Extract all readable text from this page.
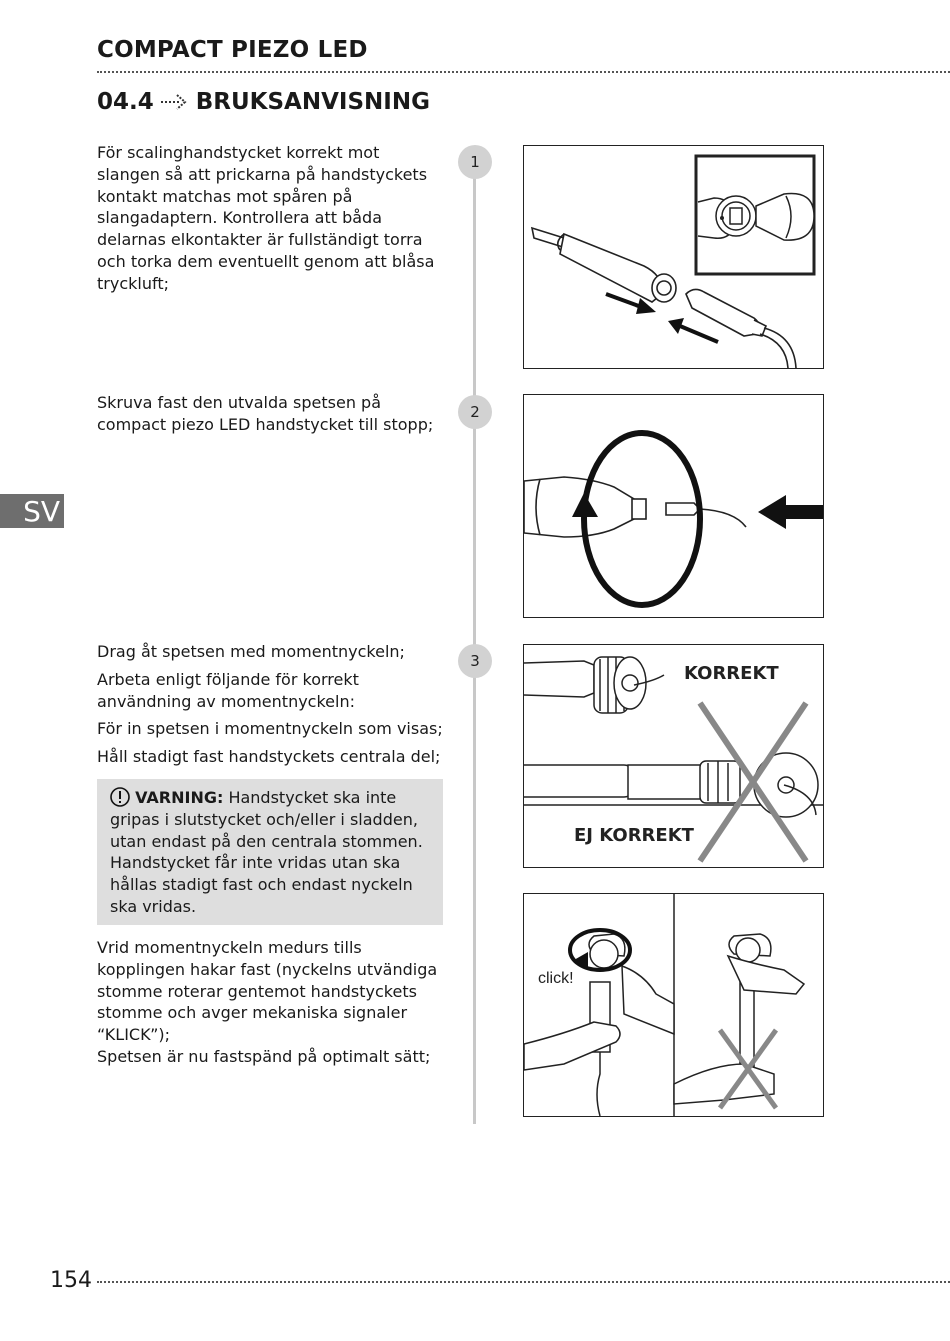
COMPACT PIEZO LED
04.4 BRUKSANVISNING
SV

För scalinghandstycket korrekt mot slangen så att prickarna på handstyckets kontakt matchas mot spåren på slangadaptern. Kontrollera att båda delarnas elkontakter är fullständigt torra och torka dem eventuellt genom att blåsa tryckluft;

1

Skruva fast den utvalda spetsen på compact piezo LED handstycket till stopp;

2

Drag åt spetsen med momentnyckeln;

Arbeta enligt följande för korrekt användning av momentnyckeln:

För in spetsen i momentnyckeln som visas;

Håll stadigt fast handstyckets centrala del;

3
VARNING: Handstycket ska inte gripas i slutstycket och/eller i sladden, utan endast på den centrala stommen. Handstycket får inte vridas utan ska hållas stadigt fast och endast nyckeln ska vridas.

Vrid momentnyckeln medurs tills kopplingen hakar fast (nyckelns utvändiga stomme roterar gentemot handstyckets stomme och avger mekaniska signaler “KLICK”);

Spetsen är nu fastspänd på optimalt sätt;

KORREKT
EJ KORREKT
click!
154
